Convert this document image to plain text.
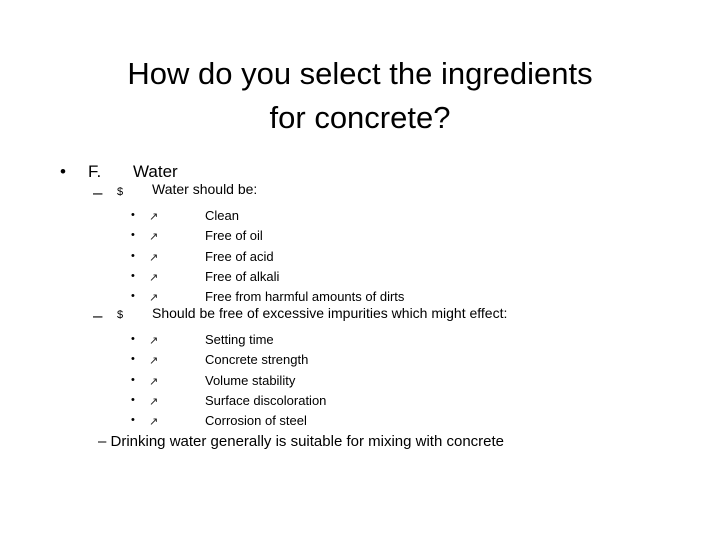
How do you select the ingredients
for concrete?
• F. Water
– $ Water should be:
• ↗	Clean
• ↗	Free of oil
• ↗	Free of acid
• ↗	Free of alkali
• ↗	Free from harmful amounts of dirts
– $ Should be free of excessive impurities which might effect:
• ↗	Setting time
• ↗	Concrete strength
• ↗	Volume stability
• ↗	Surface discoloration
• ↗	Corrosion of steel
– Drinking water generally is suitable for mixing with concrete
